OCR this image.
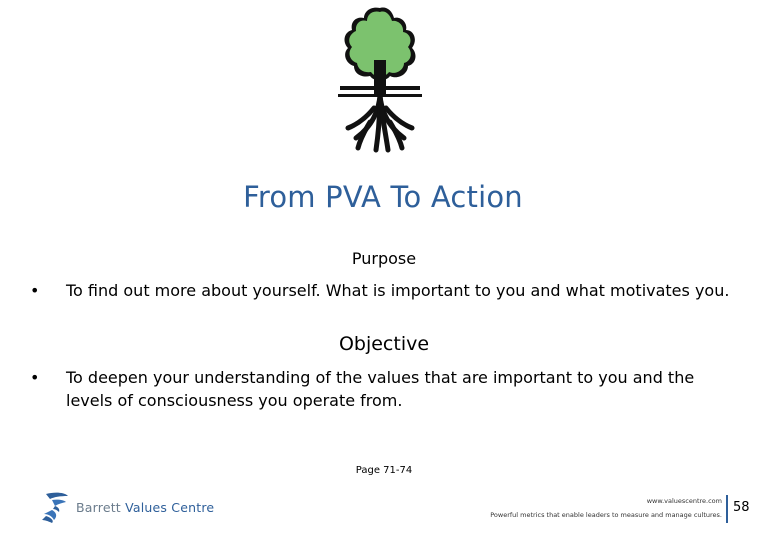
From PVA To Action
Purpose
•	To find out more about yourself. What is important to you and what motivates you.
Objective
•	To deepen your understanding of the values that are important to you and the levels of consciousness you operate from.
Page 71-74
Barrett Values Centre	www.valuescentre.com
Powerful metrics that enable leaders to measure and manage cultures. 58
